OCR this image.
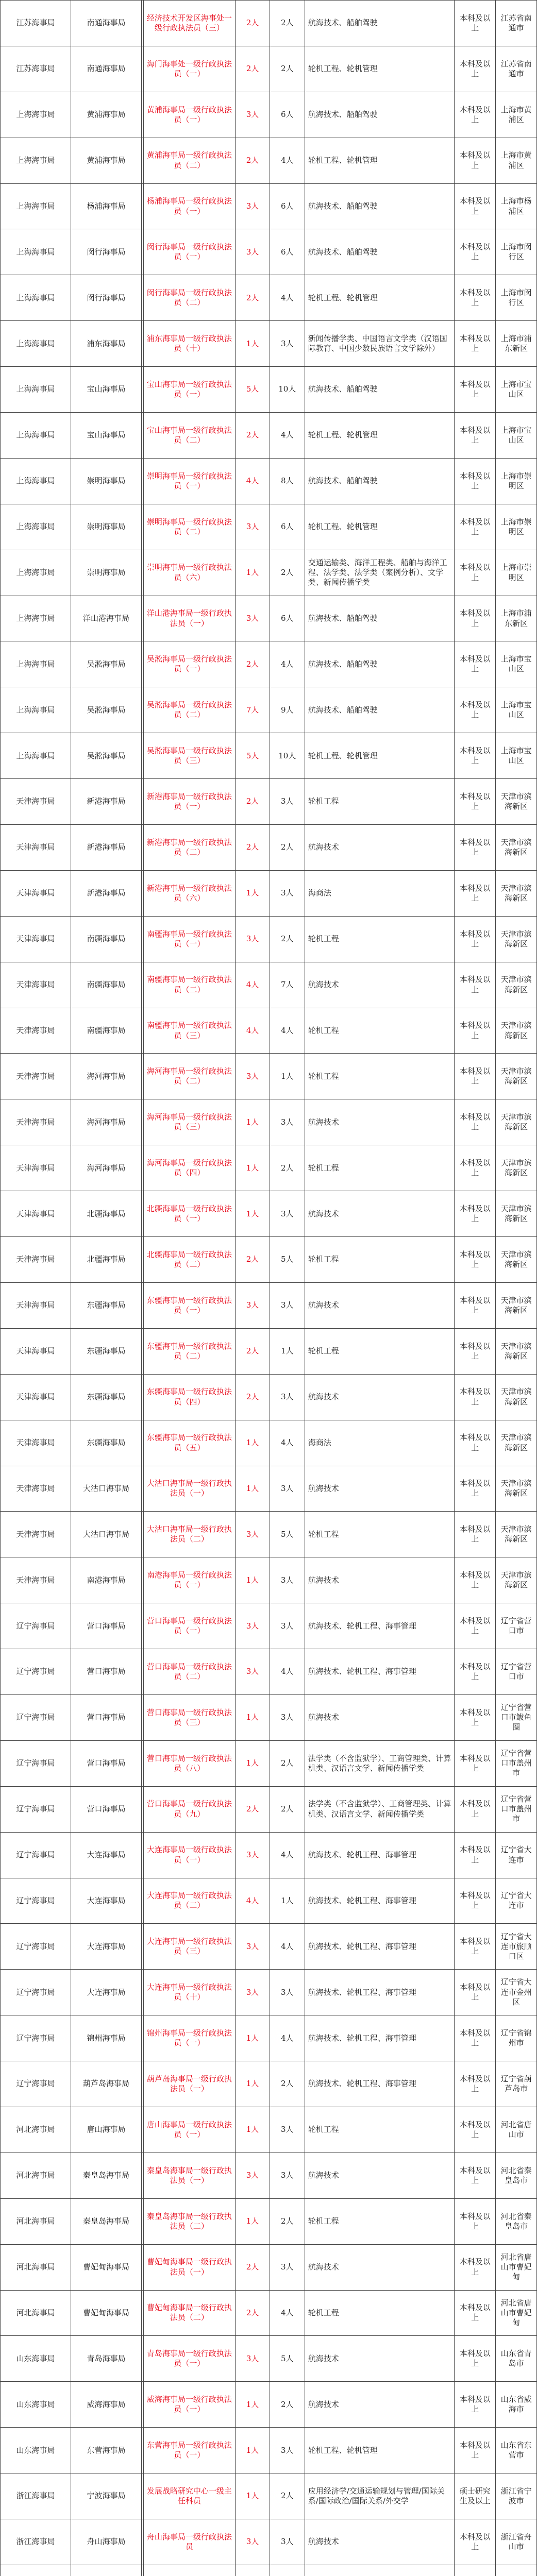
江苏海事局	南通海事局		经济技术开发区海事处一级行政执法员（三）	2人	2人	航海技术、船舶驾驶	本科及以上	江苏省南通市
江苏海事局	南通海事局		海门海事处一级行政执法员（一）	2人	2人	轮机工程、轮机管理	本科及以上	江苏省南通市
上海海事局	黄浦海事局		黄浦海事局一级行政执法员（一）	3人	6人	航海技术、船舶驾驶	本科及以上	上海市黄浦区
上海海事局	黄浦海事局		黄浦海事局一级行政执法员（二）	2人	4人	轮机工程、轮机管理	本科及以上	上海市黄浦区
上海海事局	杨浦海事局		杨浦海事局一级行政执法员（一）	3人	6人	航海技术、船舶驾驶	本科及以上	上海市杨浦区
上海海事局	闵行海事局		闵行海事局一级行政执法员（一）	3人	6人	航海技术、船舶驾驶	本科及以上	上海市闵行区
上海海事局	闵行海事局		闵行海事局一级行政执法员（二）	2人	4人	轮机工程、轮机管理	本科及以上	上海市闵行区
上海海事局	浦东海事局		浦东海事局一级行政执法员（十）	1人	3人	新闻传播学类、中国语言文学类（汉语国际教育、中国少数民族语言文学除外）	本科及以上	上海市浦东新区
上海海事局	宝山海事局		宝山海事局一级行政执法员（一）	5人	10人	航海技术、船舶驾驶	本科及以上	上海市宝山区
上海海事局	宝山海事局		宝山海事局一级行政执法员（二）	2人	4人	轮机工程、轮机管理	本科及以上	上海市宝山区
上海海事局	崇明海事局		崇明海事局一级行政执法员（一）	4人	8人	航海技术、船舶驾驶	本科及以上	上海市崇明区
上海海事局	崇明海事局		崇明海事局一级行政执法员（二）	3人	6人	轮机工程、轮机管理	本科及以上	上海市崇明区
上海海事局	崇明海事局		崇明海事局一级行政执法员（六）	1人	2人	交通运输类、海洋工程类、船舶与海洋工程、法学类、法学类（案例分析）、文学类、新闻传播学类	本科及以上	上海市崇明区
上海海事局	洋山港海事局		洋山港海事局一级行政执法员（一）	3人	6人	航海技术、船舶驾驶	本科及以上	上海市浦东新区
上海海事局	吴淞海事局		吴淞海事局一级行政执法员（一）	2人	4人	航海技术、船舶驾驶	本科及以上	上海市宝山区
上海海事局	吴淞海事局		吴淞海事局一级行政执法员（二）	7人	9人	航海技术、船舶驾驶	本科及以上	上海市宝山区
上海海事局	吴淞海事局		吴淞海事局一级行政执法员（三）	5人	10人	轮机工程、轮机管理	本科及以上	上海市宝山区
天津海事局	新港海事局		新港海事局一级行政执法员（一）	2人	3人	轮机工程	本科及以上	天津市滨海新区
天津海事局	新港海事局		新港海事局一级行政执法员（二）	2人	2人	航海技术	本科及以上	天津市滨海新区
天津海事局	新港海事局		新港海事局一级行政执法员（六）	1人	3人	海商法	本科及以上	天津市滨海新区
天津海事局	南疆海事局		南疆海事局一级行政执法员（一）	3人	2人	轮机工程	本科及以上	天津市滨海新区
天津海事局	南疆海事局		南疆海事局一级行政执法员（二）	4人	7人	航海技术	本科及以上	天津市滨海新区
天津海事局	南疆海事局		南疆海事局一级行政执法员（三）	4人	4人	轮机工程	本科及以上	天津市滨海新区
天津海事局	海河海事局		海河海事局一级行政执法员（二）	3人	1人	轮机工程	本科及以上	天津市滨海新区
天津海事局	海河海事局		海河海事局一级行政执法员（三）	1人	3人	航海技术	本科及以上	天津市滨海新区
天津海事局	海河海事局		海河海事局一级行政执法员（四）	1人	2人	轮机工程	本科及以上	天津市滨海新区
天津海事局	北疆海事局		北疆海事局一级行政执法员（一）	1人	3人	航海技术	本科及以上	天津市滨海新区
天津海事局	北疆海事局		北疆海事局一级行政执法员（二）	2人	5人	轮机工程	本科及以上	天津市滨海新区
天津海事局	东疆海事局		东疆海事局一级行政执法员（一）	3人	3人	航海技术	本科及以上	天津市滨海新区
天津海事局	东疆海事局		东疆海事局一级行政执法员（二）	2人	1人	轮机工程	本科及以上	天津市滨海新区
天津海事局	东疆海事局		东疆海事局一级行政执法员（四）	2人	3人	航海技术	本科及以上	天津市滨海新区
天津海事局	东疆海事局		东疆海事局一级行政执法员（五）	1人	4人	海商法	本科及以上	天津市滨海新区
天津海事局	大沽口海事局		大沽口海事局一级行政执法员（一）	1人	3人	航海技术	本科及以上	天津市滨海新区
天津海事局	大沽口海事局		大沽口海事局一级行政执法员（二）	3人	5人	轮机工程	本科及以上	天津市滨海新区
天津海事局	南港海事局		南港海事局一级行政执法员（一）	1人	3人	航海技术	本科及以上	天津市滨海新区
辽宁海事局	营口海事局		营口海事局一级行政执法员（一）	3人	3人	航海技术、轮机工程、海事管理	本科及以上	辽宁省营口市
辽宁海事局	营口海事局		营口海事局一级行政执法员（二）	3人	4人	航海技术、轮机工程、海事管理	本科及以上	辽宁省营口市
辽宁海事局	营口海事局		营口海事局一级行政执法员（三）	1人	3人	航海技术	本科及以上	辽宁省营口市鲅鱼圈
辽宁海事局	营口海事局		营口海事局一级行政执法员（八）	1人	2人	法学类（不含监狱学）、工商管理类、计算机类、汉语言文学、新闻传播学类	本科及以上	辽宁省营口市盖州市
辽宁海事局	营口海事局		营口海事局一级行政执法员（九）	2人	2人	法学类（不含监狱学）、工商管理类、计算机类、汉语言文学、新闻传播学类	本科及以上	辽宁省营口市盖州市
辽宁海事局	大连海事局		大连海事局一级行政执法员（一）	3人	4人	航海技术、轮机工程、海事管理	本科及以上	辽宁省大连市
辽宁海事局	大连海事局		大连海事局一级行政执法员（二）	4人	1人	航海技术、轮机工程、海事管理	本科及以上	辽宁省大连市
辽宁海事局	大连海事局		大连海事局一级行政执法员（三）	3人	4人	航海技术、轮机工程、海事管理	本科及以上	辽宁省大连市旅顺口区
辽宁海事局	大连海事局		大连海事局一级行政执法员（十）	3人	3人	航海技术、轮机工程、海事管理	本科及以上	辽宁省大连市金州区
辽宁海事局	锦州海事局		锦州海事局一级行政执法员（一）	1人	4人	航海技术、轮机工程、海事管理	本科及以上	辽宁省锦州市
辽宁海事局	葫芦岛海事局		葫芦岛海事局一级行政执法员（一）	1人	2人	航海技术、轮机工程、海事管理	本科及以上	辽宁省葫芦岛市
河北海事局	唐山海事局		唐山海事局一级行政执法员（一）	1人	3人	轮机工程	本科及以上	河北省唐山市
河北海事局	秦皇岛海事局		秦皇岛海事局一级行政执法员（一）	3人	3人	航海技术	本科及以上	河北省秦皇岛市
河北海事局	秦皇岛海事局		秦皇岛海事局一级行政执法员（二）	1人	2人	轮机工程	本科及以上	河北省秦皇岛市
河北海事局	曹妃甸海事局		曹妃甸海事局一级行政执法员（一）	2人	3人	航海技术	本科及以上	河北省唐山市曹妃甸
河北海事局	曹妃甸海事局		曹妃甸海事局一级行政执法员（二）	2人	4人	轮机工程	本科及以上	河北省唐山市曹妃甸
山东海事局	青岛海事局		青岛海事局一级行政执法员（一）	3人	5人	航海技术	本科及以上	山东省青岛市
山东海事局	威海海事局		威海海事局一级行政执法员（一）	1人	2人	航海技术	本科及以上	山东省威海市
山东海事局	东营海事局		东营海事局一级行政执法员（一）	1人	3人	轮机工程、轮机管理	本科及以上	山东省东营市
浙江海事局	宁波海事局		发展战略研究中心一级主任科员	1人	2人	应用经济学/交通运输规划与管理/国际关系/国际政治/国际关系/外交学	硕士研究生及以上	浙江省宁波市
浙江海事局	舟山海事局		舟山海事局一级行政执法员	3人	3人	航海技术	本科及以上	浙江省舟山市
